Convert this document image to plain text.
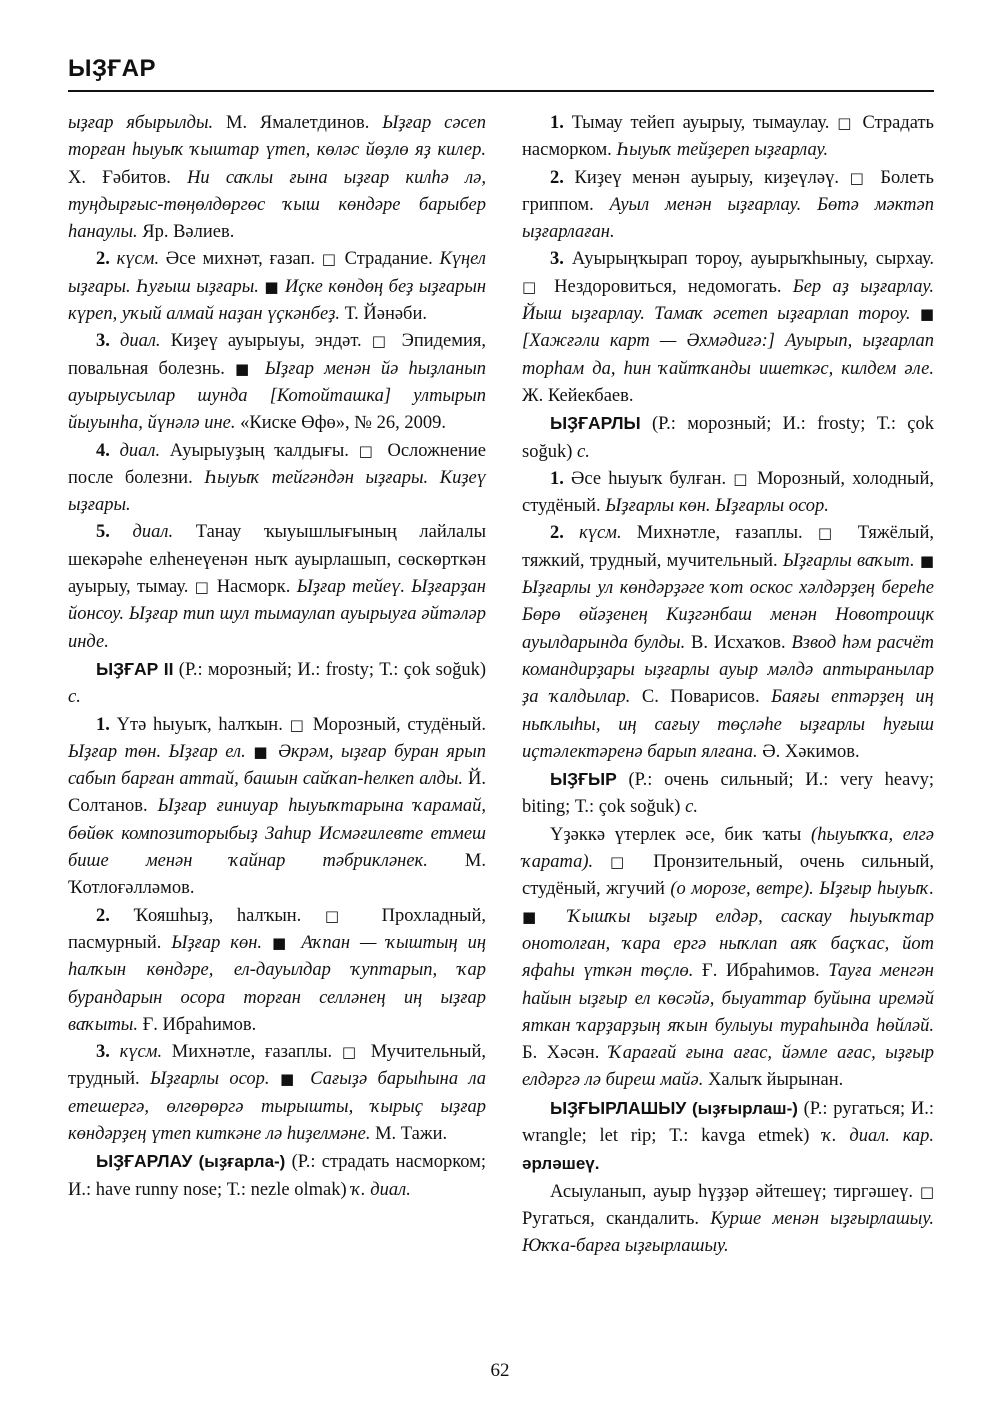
ЫҘҒАР

ыҙғар ябырылды. М. Ямалетдинов. Ыҙғар сәсеп торған һыуыҡ ҡыштар үтеп, көләс йөҙлө яҙ килер. Х. Ғәбитов. Ни саҡлы ғына ыҙғар килһә лә, туңдырғыс-төңөлдөргөс ҡыш көндәре барыбер һанаулы. Яр. Вәлиев.

2. күсм. Әсе михнәт, ғазап. □ Страдание. Күңел ыҙғары. Һуғыш ыҙғары. ■ Иҫке көндөң беҙ ыҙғарын күреп, уҡый алмай наҙан үҫкәнбеҙ. Т. Йәнәби.

3. диал. Киҙеү ауырыуы, эндәт. □ Эпидемия, повальная болезнь. ■ Ыҙғар менән йә һыҙланып ауырыусылар шунда [Котойташка] ултырып йыуынһа, йүнәлә ине. «Киске Өфө», № 26, 2009.

4. диал. Ауырыуҙың ҡалдығы. □ Осложнение после болезни. Һыуыҡ тейгәндән ыҙғары. Киҙеү ыҙғары.

5. диал. Танау ҡыуышлығының лайлалы шекәрәһе елһенеүенән ныҡ ауырлашып, сөскөрткән ауырыу, тымау. □ Насморк. Ыҙғар тейеү. Ыҙғарҙан йонсоу. Ыҙғар тип шул тымаулап ауырыуға әйтәләр инде.

ЫҘҒАР II (Р.: морозный; И.: frosty; Т.: çok soğuk) с.

1. Үтә һыуыҡ, һалҡын. □ Морозный, студёный. Ыҙғар төн. Ыҙғар ел. ■ Әкрәм, ыҙғар буран ярып сабып барған аттай, башын сайҡап-һелкеп алды. Й. Солтанов. Ыҙғар ғиниуар һыуыҡтарына ҡарамай, бөйөк композиторыбыҙ Заһир Исмәғилевте етмеш бише менән ҡайнар тәбрикләнек. М. Ҡотлоғәлләмов.

2. Ҡояшһыҙ, һалҡын. □ Прохладный, пасмурный. Ыҙғар көн. ■ Аҡпан — ҡыштың иң һалҡын көндәре, ел-дауылдар ҡуптарып, ҡар бурандарын осора торған селләнең иң ыҙғар ваҡыты. Ғ. Ибраһимов.

3. күсм. Михнәтле, ғазаплы. □ Мучительный, трудный. Ыҙғарлы осор. ■ Сағыҙә барыһына ла етешергә, өлгөрөргә тырышты, ҡырыҫ ыҙғар көндәрҙең үтеп киткәне лә һиҙелмәне. М. Тажи.

ЫҘҒАРЛАУ (ыҙғарла-) (Р.: страдать насморком; И.: have runny nose; Т.: nezle olmak) ҡ. диал.

1. Тымау тейеп ауырыу, тымаулау. □ Страдать насморком. Һыуыҡ тейҙереп ыҙғарлау.

2. Киҙеү менән ауырыу, киҙеүләү. □ Болеть гриппом. Ауыл менән ыҙғарлау. Бөтә мәктәп ыҙғарлаған.

3. Ауырыңҡырап тороу, ауырыҡһыныу, сырхау. □ Нездоровиться, недомогать. Бер аҙ ыҙғарлау. Йыш ыҙғарлау. Тамаҡ әсетеп ыҙғарлап тороу. ■ [Хажғәли карт — Әхмәдиғә:] Ауырып, ыҙғарлап торһам да, һин ҡайтҡанды ишеткәс, килдем әле. Ж. Кейекбаев.

ЫҘҒАРЛЫ (Р.: морозный; И.: frosty; Т.: çok soğuk) с.

1. Әсе һыуыҡ булған. □ Морозный, холодный, студёный. Ыҙғарлы көн. Ыҙғарлы осор.

2. күсм. Михнәтле, ғазаплы. □ Тяжёлый, тяжкий, трудный, мучительный. Ыҙғарлы ваҡыт. ■ Ыҙғарлы ул көндәрҙәге ҡот оскос хәлдәрҙең береһе Бөрө өйәҙенең Киҙгәнбаш менән Новотроицк ауылдарында булды. В. Исхаҡов. Взвод һәм расчёт командирҙары ыҙғарлы ауыр мәлдә аптыранылар ҙа ҡалдылар. С. Поварисов. Баяғы ептәрҙең иң ныҡлыһы, иң сағыу төҫләһе ыҙғарлы һуғыш иҫтәлектәренә барып ялғана. Ә. Хәкимов.

ЫҘҒЫР (Р.: очень сильный; И.: very heavy; biting; Т.: çok soğuk) с.

Үҙәккә үтерлек әсе, бик ҡаты (һыуыҡҡа, елгә ҡарата). □ Пронзительный, очень сильный, студёный, жгучий (о морозе, ветре). Ыҙғыр һыуыҡ. ■ Ҡышҡы ыҙғыр елдәр, саскау һыуыҡтар онотолған, ҡара ергә ныҡлап аяҡ баҫҡас, йот яфаһы үткән төҫлө. Ғ. Ибраһимов. Тауға менгән һайын ыҙғыр ел көсәйә, быуаттар буйына иремәй яткан ҡарҙарҙың яҡын булыуы тураһында һөйләй. Б. Хәсән. Ҡарағай ғына ағас, йәмле ағас, ыҙғыр елдәргә лә биреш майә. Халыҡ йырынан.

ЫҘҒЫРЛАШЫУ (ыҙғырлаш-) (Р.: ругаться; И.: wrangle; let rip; Т.: kavga etmek) ҡ. диал. кар. әрләшеү.

Асыуланып, ауыр һүҙҙәр әйтешеү; тиргәшеү. □ Ругаться, скандалить. Курше менән ыҙғырлашыу. Юҡҡа-барға ыҙғырлашыу.

62
